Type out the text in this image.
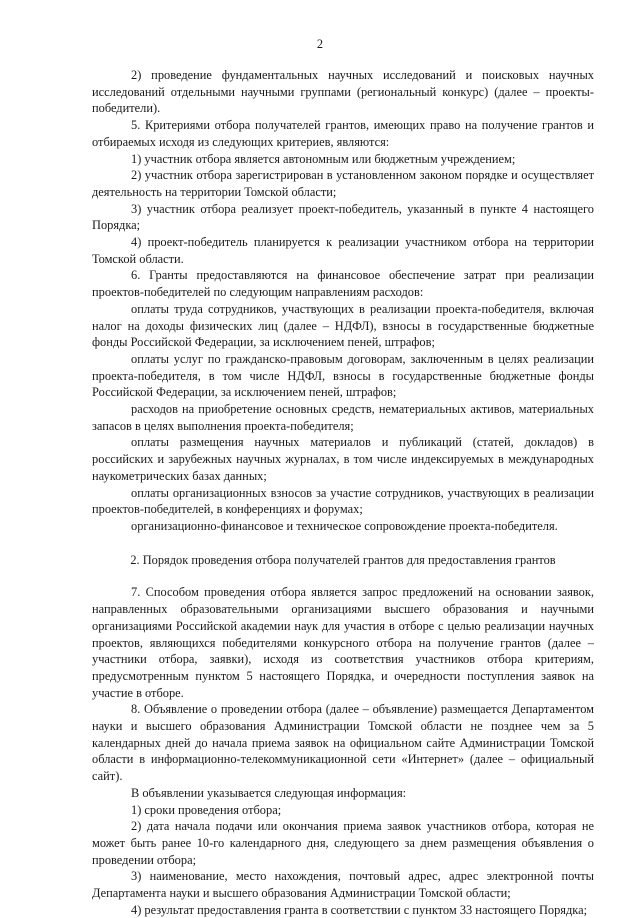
2

2) проведение фундаментальных научных исследований и поисковых научных исследований отдельными научными группами (региональный конкурс) (далее – проекты-победители).

5. Критериями отбора получателей грантов, имеющих право на получение грантов и отбираемых исходя из следующих критериев, являются:

1) участник отбора является автономным или бюджетным учреждением;

2) участник отбора зарегистрирован в установленном законом порядке и осуществляет деятельность на территории Томской области;

3) участник отбора реализует проект-победитель, указанный в пункте 4 настоящего Порядка;

4) проект-победитель планируется к реализации участником отбора на территории Томской области.

6. Гранты предоставляются на финансовое обеспечение затрат при реализации проектов-победителей по следующим направлениям расходов:

оплаты труда сотрудников, участвующих в реализации проекта-победителя, включая налог на доходы физических лиц (далее – НДФЛ), взносы в государственные бюджетные фонды Российской Федерации, за исключением пеней, штрафов;

оплаты услуг по гражданско-правовым договорам, заключенным в целях реализации проекта-победителя, в том числе НДФЛ, взносы в государственные бюджетные фонды Российской Федерации, за исключением пеней, штрафов;

расходов на приобретение основных средств, нематериальных активов, материальных запасов в целях выполнения проекта-победителя;

оплаты размещения научных материалов и публикаций (статей, докладов) в российских и зарубежных научных журналах, в том числе индексируемых в международных наукометрических базах данных;

оплаты организационных взносов за участие сотрудников, участвующих в реализации проектов-победителей, в конференциях и форумах;

организационно-финансовое и техническое сопровождение проекта-победителя.

2. Порядок проведения отбора получателей грантов для предоставления грантов

7. Способом проведения отбора является запрос предложений на основании заявок, направленных образовательными организациями высшего образования и научными организациями Российской академии наук для участия в отборе с целью реализации научных проектов, являющихся победителями конкурсного отбора на получение грантов (далее – участники отбора, заявки), исходя из соответствия участников отбора критериям, предусмотренным пунктом 5 настоящего Порядка, и очередности поступления заявок на участие в отборе.

8. Объявление о проведении отбора (далее – объявление) размещается Департаментом науки и высшего образования Администрации Томской области не позднее чем за 5 календарных дней до начала приема заявок на официальном сайте Администрации Томской области в информационно-телекоммуникационной сети «Интернет» (далее – официальный сайт).

В объявлении указывается следующая информация:

1) сроки проведения отбора;

2) дата начала подачи или окончания приема заявок участников отбора, которая не может быть ранее 10-го календарного дня, следующего за днем размещения объявления о проведении отбора;

3) наименование, место нахождения, почтовый адрес, адрес электронной почты Департамента науки и высшего образования Администрации Томской области;

4) результат предоставления гранта в соответствии с пунктом 33 настоящего Порядка;
